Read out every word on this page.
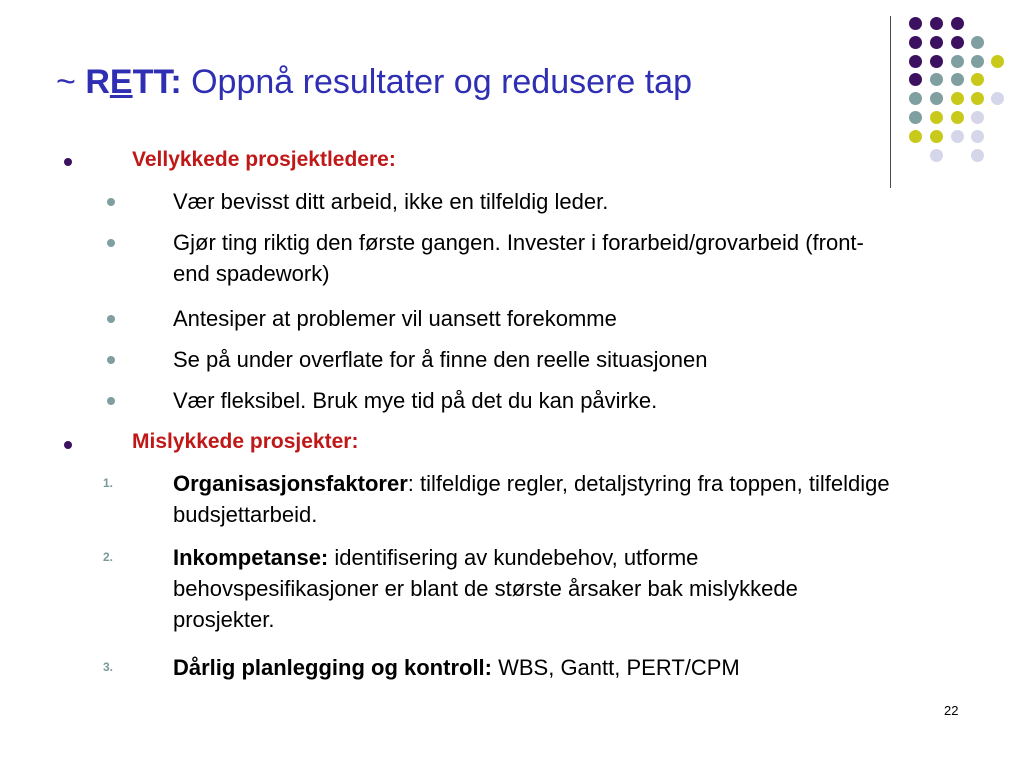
~ RETT: Oppnå resultater og redusere tap
Vellykkede prosjektledere:
Vær bevisst ditt arbeid, ikke en tilfeldig leder.
Gjør ting riktig den første gangen. Invester i forarbeid/grovarbeid (front-end spadework)
Antesiper at problemer vil uansett forekomme
Se på under overflate for å finne den reelle situasjonen
Vær fleksibel. Bruk mye tid på det du kan påvirke.
Mislykkede prosjekter:
1.	Organisasjonsfaktorer: tilfeldige regler, detaljstyring fra toppen, tilfeldige budsjettarbeid.
2.	Inkompetanse: identifisering av kundebehov, utforme behovspesifikasjoner er blant de største årsaker bak mislykkede prosjekter.
3.	Dårlig planlegging og kontroll: WBS, Gantt, PERT/CPM
22
